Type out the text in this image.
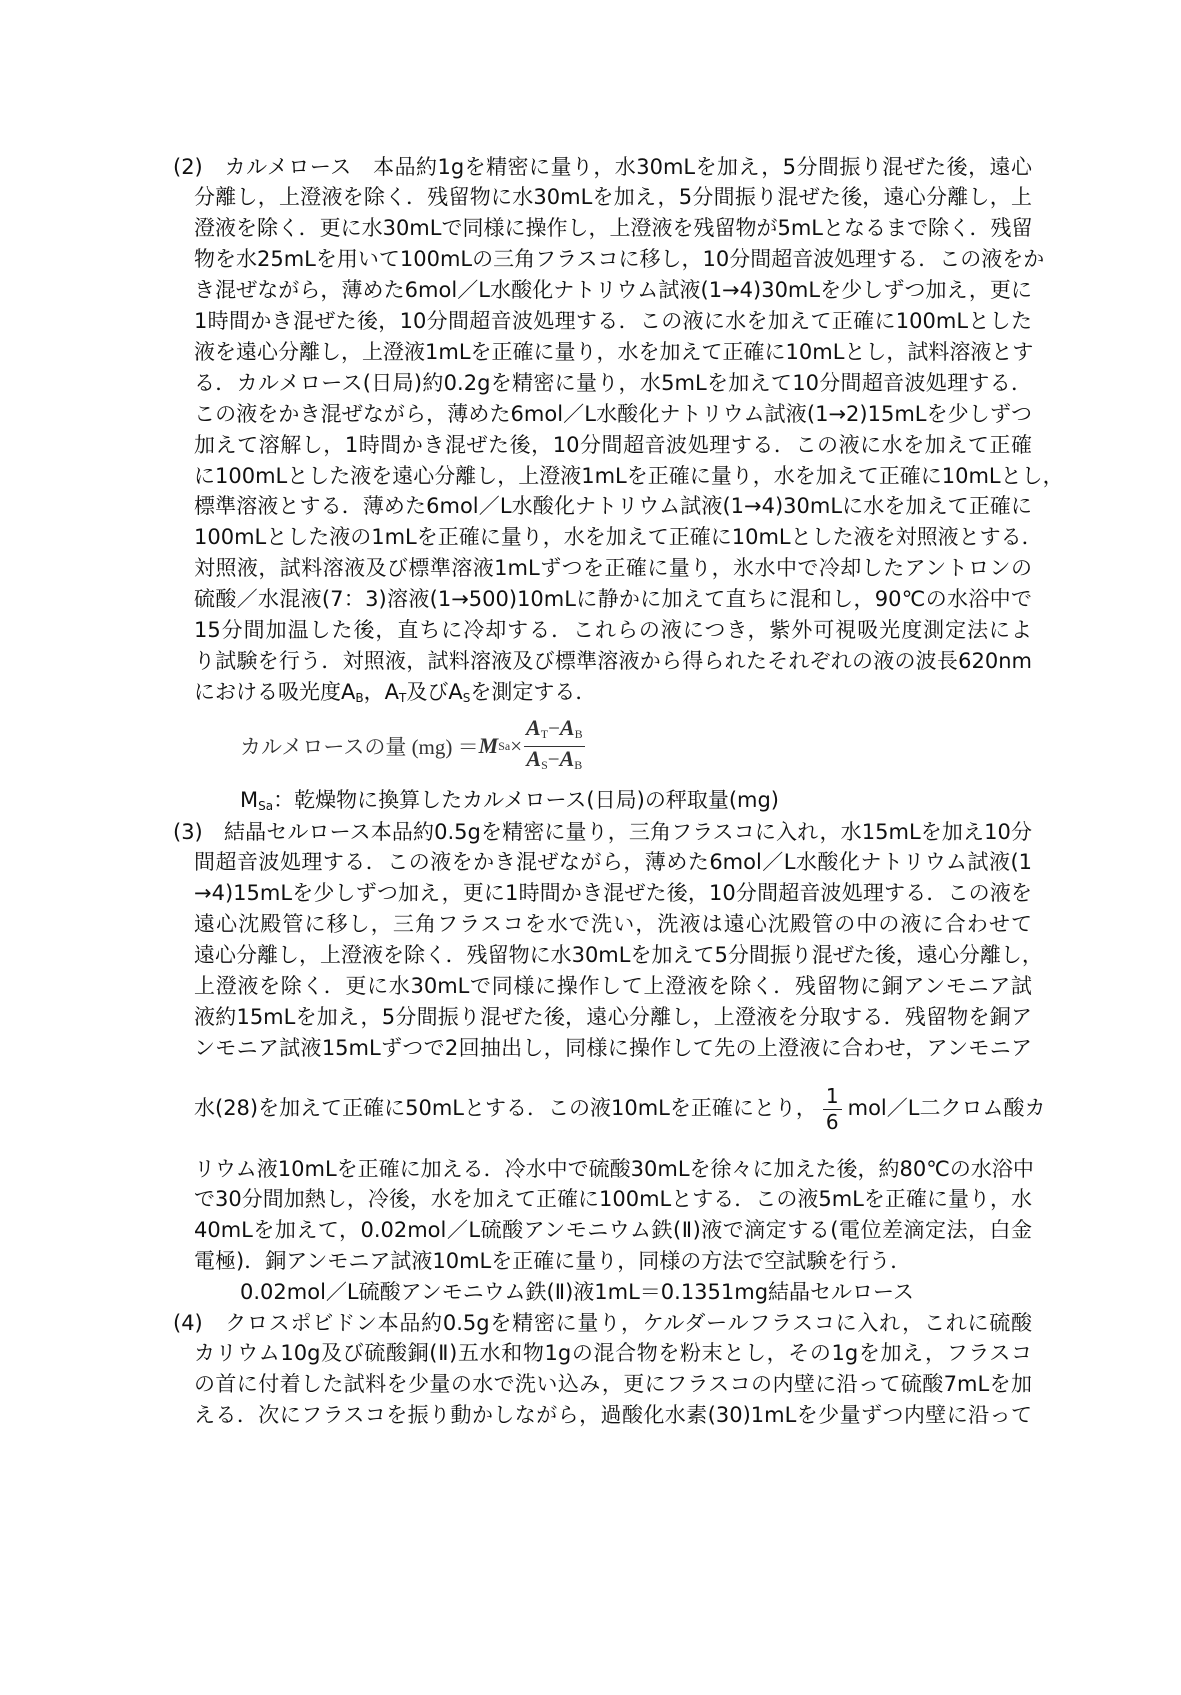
(2)　カルメロース　本品約1gを精密に量り，水30mLを加え，5分間振り混ぜた後，遠心
分離し，上澄液を除く．残留物に水30mLを加え，5分間振り混ぜた後，遠心分離し，上
澄液を除く．更に水30mLで同様に操作し，上澄液を残留物が5mLとなるまで除く．残留
物を水25mLを用いて100mLの三角フラスコに移し，10分間超音波処理する．この液をか
き混ぜながら，薄めた6mol／L水酸化ナトリウム試液(1→4)30mLを少しずつ加え，更に
1時間かき混ぜた後，10分間超音波処理する．この液に水を加えて正確に100mLとした
液を遠心分離し，上澄液1mLを正確に量り，水を加えて正確に10mLとし，試料溶液とす
る．カルメロース(日局)約0.2gを精密に量り，水5mLを加えて10分間超音波処理する．
この液をかき混ぜながら，薄めた6mol／L水酸化ナトリウム試液(1→2)15mLを少しずつ
加えて溶解し，1時間かき混ぜた後，10分間超音波処理する．この液に水を加えて正確
に100mLとした液を遠心分離し，上澄液1mLを正確に量り，水を加えて正確に10mLとし，
標準溶液とする．薄めた6mol／L水酸化ナトリウム試液(1→4)30mLに水を加えて正確に
100mLとした液の1mLを正確に量り，水を加えて正確に10mLとした液を対照液とする．
対照液，試料溶液及び標準溶液1mLずつを正確に量り，氷水中で冷却したアントロンの
硫酸／水混液(7：3)溶液(1→500)10mLに静かに加えて直ちに混和し，90℃の水浴中で
15分間加温した後，直ちに冷却する．これらの液につき，紫外可視吸光度測定法によ
り試験を行う．対照液，試料溶液及び標準溶液から得られたそれぞれの液の波長620nm
における吸光度$A_B$，$A_T$及び$A_S$を測定する．
カルメロースの量 (mg) ＝ M $Sa \times \frac{A_T-A_B}{A_S-A_B}$
$M_{Sa}$：乾燥物に換算したカルメロース(日局)の秤取量(mg)
(3)　結晶セルロース本品約0.5gを精密に量り，三角フラスコに入れ，水15mLを加え10分
間超音波処理する．この液をかき混ぜながら，薄めた6mol／L水酸化ナトリウム試液(1
→4)15mLを少しずつ加え，更に1時間かき混ぜた後，10分間超音波処理する．この液を
遠心沈殿管に移し，三角フラスコを水で洗い，洗液は遠心沈殿管の中の液に合わせて
遠心分離し，上澄液を除く．残留物に水30mLを加えて5分間振り混ぜた後，遠心分離し，
上澄液を除く．更に水30mLで同様に操作して上澄液を除く．残留物に銅アンモニア試
液約15mLを加え，5分間振り混ぜた後，遠心分離し，上澄液を分取する．残留物を銅ア
ンモニア試液15mLずつで2回抽出し，同様に操作して先の上澄液に合わせ，アンモニア
水(28)を加えて正確に50mLとする．この液10mLを正確にとり， $\frac{1}{6}$ mol／L二クロム酸カ
リウム液10mLを正確に加える．冷水中で硫酸30mLを徐々に加えた後，約80℃の水浴中
で30分間加熱し，冷後，水を加えて正確に100mLとする．この液5mLを正確に量り，水
40mLを加えて，0.02mol／L硫酸アンモニウム鉄(Ⅱ)液で滴定する(電位差滴定法，白金
電極)．銅アンモニア試液10mLを正確に量り，同様の方法で空試験を行う．
0.02mol／L硫酸アンモニウム鉄(Ⅱ)液1mL＝0.1351mg結晶セルロース
(4)　クロスポビドン本品約0.5gを精密に量り，ケルダールフラスコに入れ，これに硫酸
カリウム10g及び硫酸銅(Ⅱ)五水和物1gの混合物を粉末とし，その1gを加え，フラスコ
の首に付着した試料を少量の水で洗い込み，更にフラスコの内壁に沿って硫酸7mLを加
える．次にフラスコを振り動かしながら，過酸化水素(30)1mLを少量ずつ内壁に沿って
